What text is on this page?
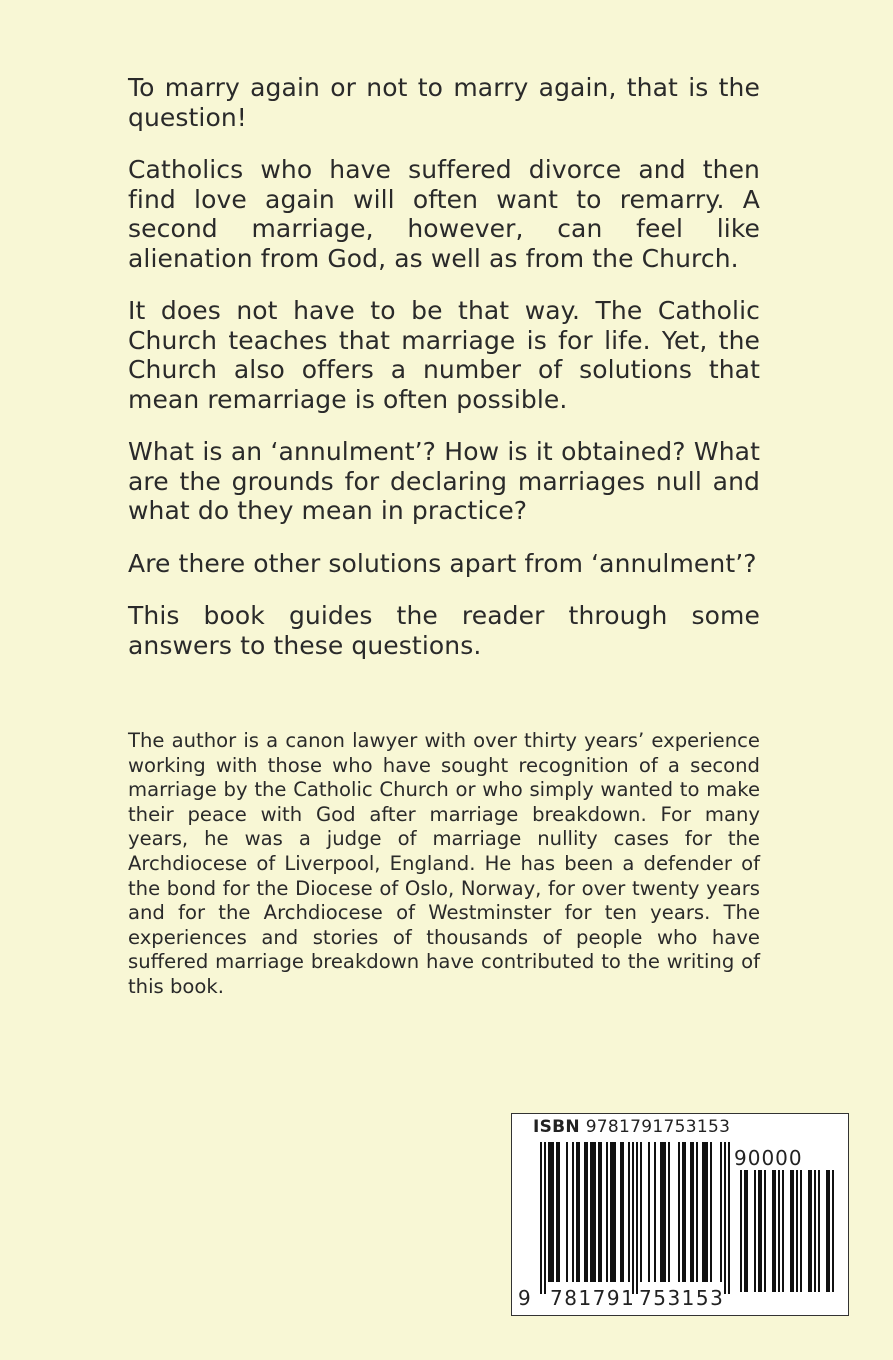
To marry again or not to marry again, that is the question!

Catholics who have suffered divorce and then find love again will often want to remarry. A second marriage, however, can feel like alienation from God, as well as from the Church.

It does not have to be that way. The Catholic Church teaches that marriage is for life. Yet, the Church also offers a number of solutions that mean remarriage is often possible.

What is an ‘annulment’? How is it obtained? What are the grounds for declaring marriages null and what do they mean in practice?

Are there other solutions apart from ‘annulment’?

This book guides the reader through some answers to these questions.

The author is a canon lawyer with over thirty years’ experience working with those who have sought recognition of a second marriage by the Catholic Church or who simply wanted to make their peace with God after marriage breakdown. For many years, he was a judge of marriage nullity cases for the Archdiocese of Liverpool, England. He has been a defender of the bond for the Diocese of Oslo, Norway, for over twenty years and for the Archdiocese of Westminster for ten years. The experiences and stories of thousands of people who have suffered marriage breakdown have contributed to the writing of this book.

ISBN 9781791753153
90000
9 781791 753153
